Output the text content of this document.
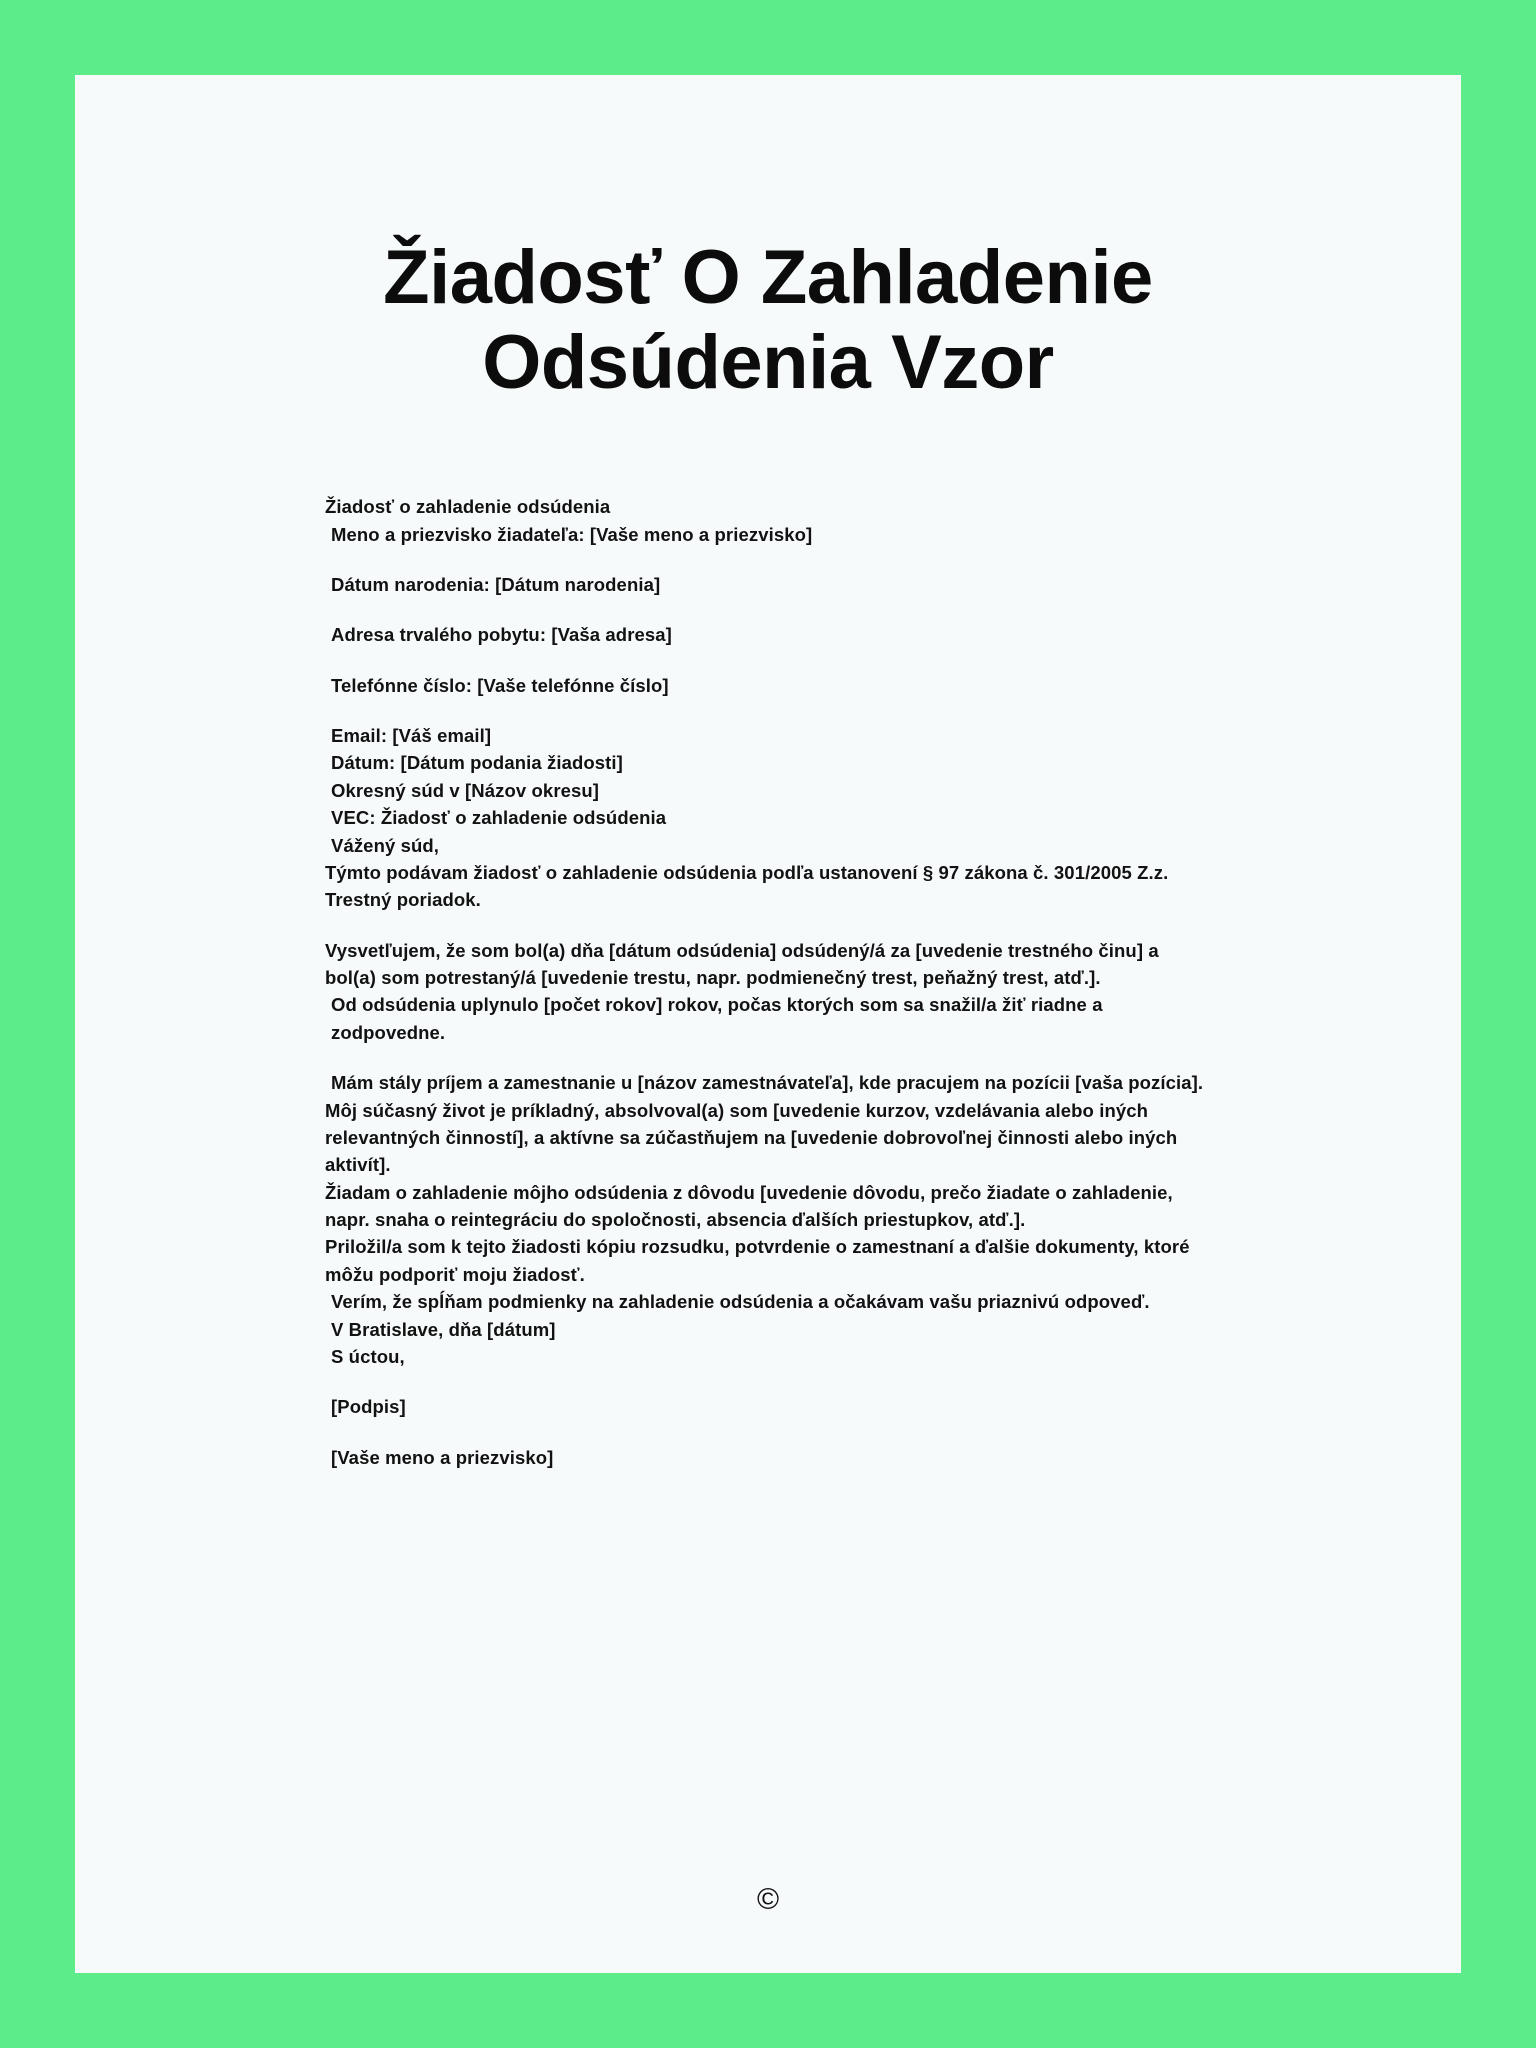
Žiadosť O Zahladenie Odsúdenia Vzor

Žiadosť o zahladenie odsúdenia

Meno a priezvisko žiadateľa: [Vaše meno a priezvisko]

Dátum narodenia: [Dátum narodenia]

Adresa trvalého pobytu: [Vaša adresa]

Telefónne číslo: [Vaše telefónne číslo]

Email: [Váš email]

Dátum: [Dátum podania žiadosti]

Okresný súd v [Názov okresu]

VEC: Žiadosť o zahladenie odsúdenia

Vážený súd,

Týmto podávam žiadosť o zahladenie odsúdenia podľa ustanovení § 97 zákona č. 301/2005 Z.z. Trestný poriadok.

Vysvetľujem, že som bol(a) dňa [dátum odsúdenia] odsúdený/á za [uvedenie trestného činu] a bol(a) som potrestaný/á [uvedenie trestu, napr. podmienečný trest, peňažný trest, atď.].

Od odsúdenia uplynulo [počet rokov] rokov, počas ktorých som sa snažil/a žiť riadne a zodpovedne.

Mám stály príjem a zamestnanie u [názov zamestnávateľa], kde pracujem na pozícii [vaša pozícia].

Môj súčasný život je príkladný, absolvoval(a) som [uvedenie kurzov, vzdelávania alebo iných relevantných činností], a aktívne sa zúčastňujem na [uvedenie dobrovoľnej činnosti alebo iných aktivít].

Žiadam o zahladenie môjho odsúdenia z dôvodu [uvedenie dôvodu, prečo žiadate o zahladenie, napr. snaha o reintegráciu do spoločnosti, absencia ďalších priestupkov, atď.].

Priložil/a som k tejto žiadosti kópiu rozsudku, potvrdenie o zamestnaní a ďalšie dokumenty, ktoré môžu podporiť moju žiadosť.

Verím, že spĺňam podmienky na zahladenie odsúdenia a očakávam vašu priaznivú odpoveď.

V Bratislave, dňa [dátum]

S úctou,

[Podpis]

[Vaše meno a priezvisko]

©
